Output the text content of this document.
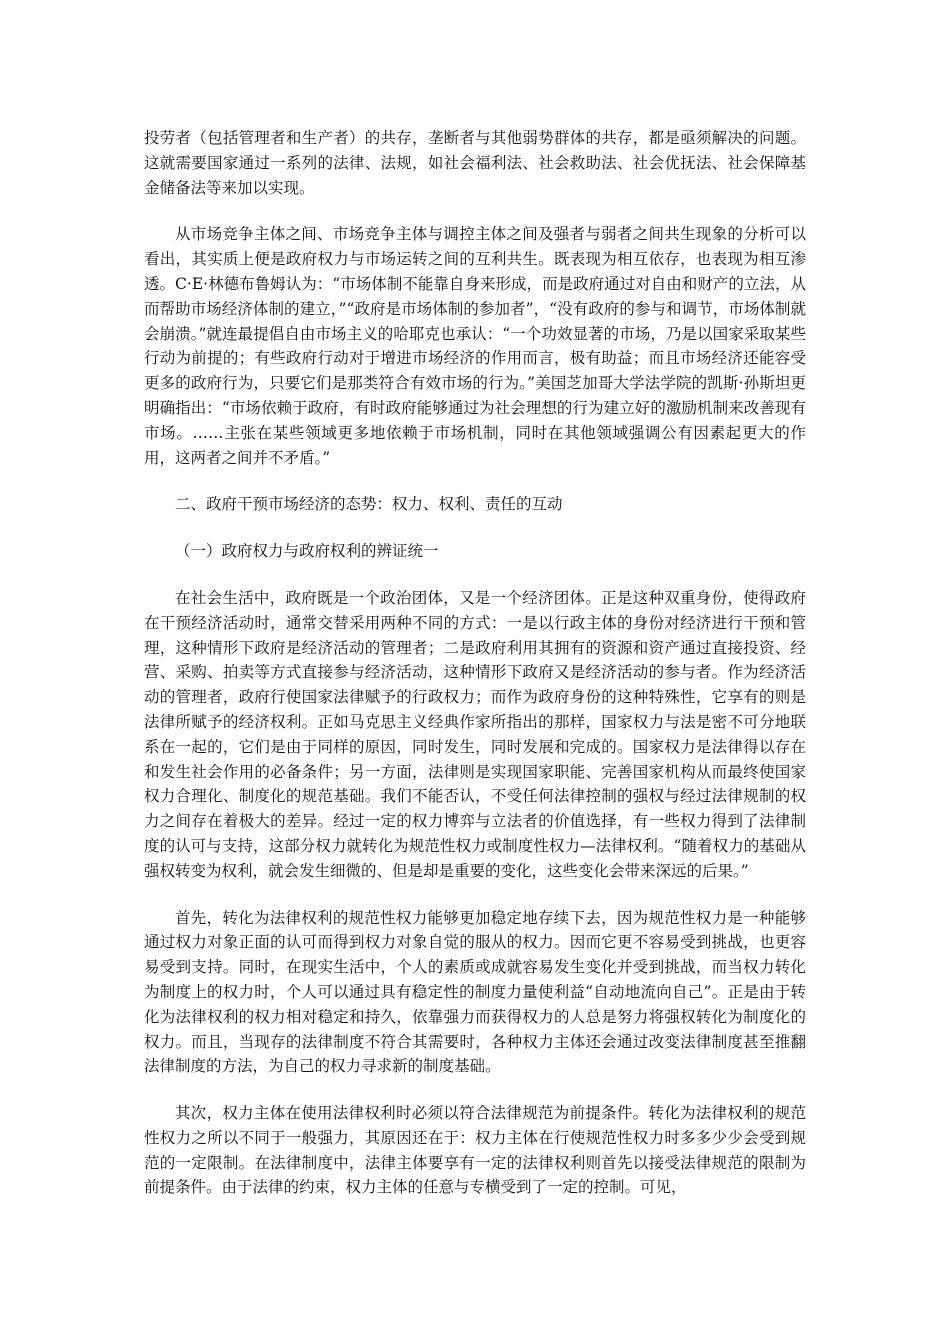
投劳者（包括管理者和生产者）的共存，垄断者与其他弱势群体的共存，都是亟须解决的问题。这就需要国家通过一系列的法律、法规，如社会福利法、社会救助法、社会优抚法、社会保障基金储备法等来加以实现。

从市场竞争主体之间、市场竞争主体与调控主体之间及强者与弱者之间共生现象的分析可以看出，其实质上便是政府权力与市场运转之间的互利共生。既表现为相互依存，也表现为相互渗透。C·E·林德布鲁姆认为：“市场体制不能靠自身来形成，而是政府通过对自由和财产的立法，从而帮助市场经济体制的建立，”“政府是市场体制的参加者”，“没有政府的参与和调节，市场体制就会崩溃。”就连最提倡自由市场主义的哈耶克也承认：“一个功效显著的市场，乃是以国家采取某些行动为前提的；有些政府行动对于增进市场经济的作用而言，极有助益；而且市场经济还能容受更多的政府行为，只要它们是那类符合有效市场的行为。”美国芝加哥大学法学院的凯斯·孙斯坦更明确指出：“市场依赖于政府，有时政府能够通过为社会理想的行为建立好的激励机制来改善现有市场。……主张在某些领域更多地依赖于市场机制，同时在其他领域强调公有因素起更大的作用，这两者之间并不矛盾。”

二、政府干预市场经济的态势：权力、权利、责任的互动

（一）政府权力与政府权利的辨证统一

在社会生活中，政府既是一个政治团体，又是一个经济团体。正是这种双重身份，使得政府在干预经济活动时，通常交替采用两种不同的方式：一是以行政主体的身份对经济进行干预和管理，这种情形下政府是经济活动的管理者；二是政府利用其拥有的资源和资产通过直接投资、经营、采购、拍卖等方式直接参与经济活动，这种情形下政府又是经济活动的参与者。作为经济活动的管理者，政府行使国家法律赋予的行政权力；而作为政府身份的这种特殊性，它享有的则是法律所赋予的经济权利。正如马克思主义经典作家所指出的那样，国家权力与法是密不可分地联系在一起的，它们是由于同样的原因，同时发生，同时发展和完成的。国家权力是法律得以存在和发生社会作用的必备条件；另一方面，法律则是实现国家职能、完善国家机构从而最终使国家权力合理化、制度化的规范基础。我们不能否认，不受任何法律控制的强权与经过法律规制的权力之间存在着极大的差异。经过一定的权力博弈与立法者的价值选择，有一些权力得到了法律制度的认可与支持，这部分权力就转化为规范性权力或制度性权力—法律权利。“随着权力的基础从强权转变为权利，就会发生细微的、但是却是重要的变化，这些变化会带来深远的后果。”

首先，转化为法律权利的规范性权力能够更加稳定地存续下去，因为规范性权力是一种能够通过权力对象正面的认可而得到权力对象自觉的服从的权力。因而它更不容易受到挑战，也更容易受到支持。同时，在现实生活中，个人的素质或成就容易发生变化并受到挑战，而当权力转化为制度上的权力时，个人可以通过具有稳定性的制度力量使利益“自动地流向自己”。正是由于转化为法律权利的权力相对稳定和持久，依靠强力而获得权力的人总是努力将强权转化为制度化的权力。而且，当现存的法律制度不符合其需要时，各种权力主体还会通过改变法律制度甚至推翻法律制度的方法，为自己的权力寻求新的制度基础。

其次，权力主体在使用法律权利时必须以符合法律规范为前提条件。转化为法律权利的规范性权力之所以不同于一般强力，其原因还在于：权力主体在行使规范性权力时多多少少会受到规范的一定限制。在法律制度中，法律主体要享有一定的法律权利则首先以接受法律规范的限制为前提条件。由于法律的约束，权力主体的任意与专横受到了一定的控制。可见，
